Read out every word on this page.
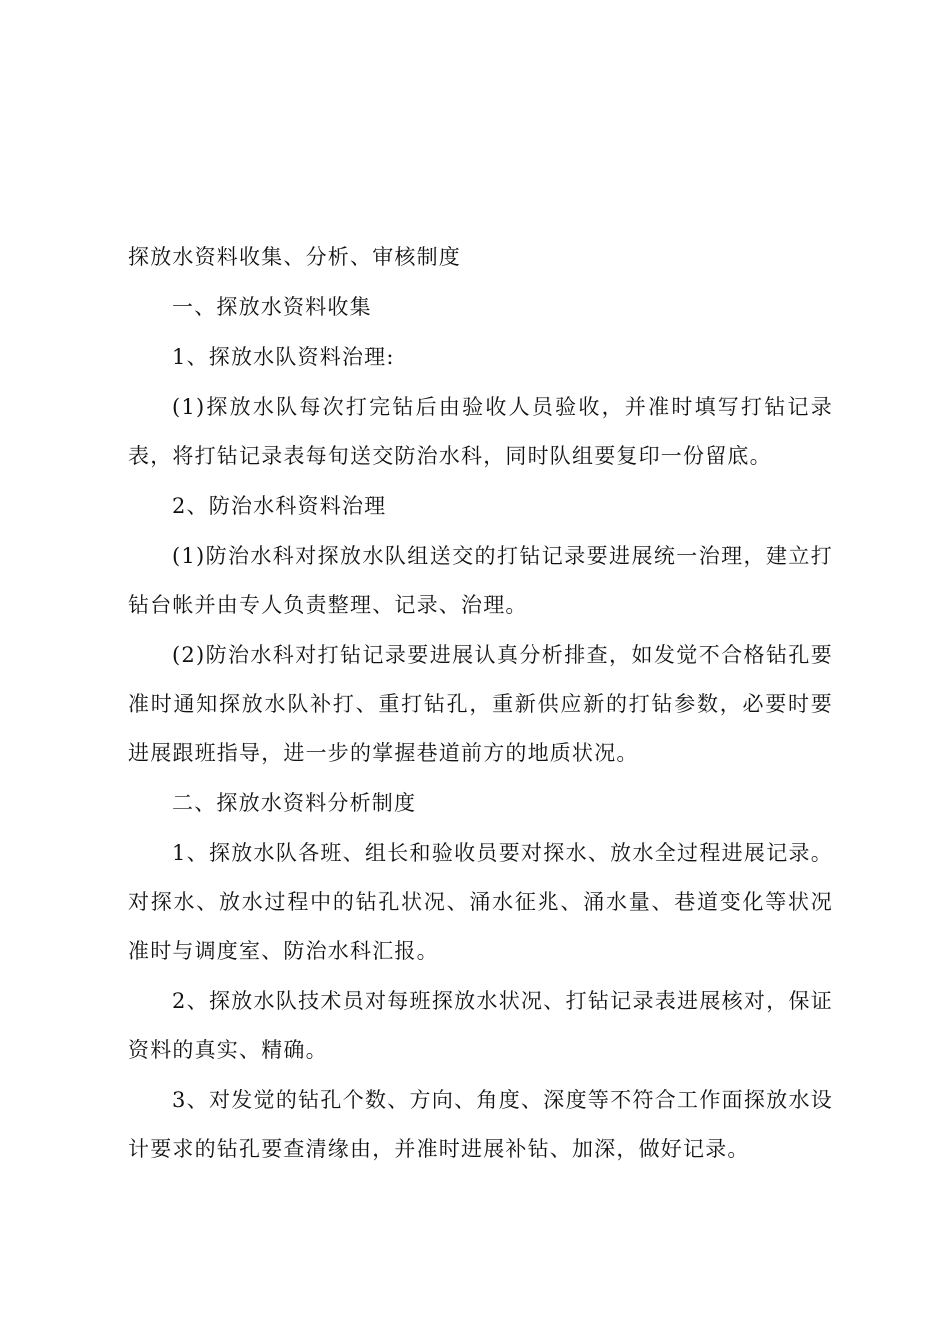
探放水资料收集、分析、审核制度

一、探放水资料收集

1、探放水队资料治理:

(1)探放水队每次打完钻后由验收人员验收，并准时填写打钻记录表，将打钻记录表每旬送交防治水科，同时队组要复印一份留底。

2、防治水科资料治理

(1)防治水科对探放水队组送交的打钻记录要进展统一治理，建立打钻台帐并由专人负责整理、记录、治理。

(2)防治水科对打钻记录要进展认真分析排查，如发觉不合格钻孔要准时通知探放水队补打、重打钻孔，重新供应新的打钻参数，必要时要进展跟班指导，进一步的掌握巷道前方的地质状况。

二、探放水资料分析制度

1、探放水队各班、组长和验收员要对探水、放水全过程进展记录。对探水、放水过程中的钻孔状况、涌水征兆、涌水量、巷道变化等状况准时与调度室、防治水科汇报。

2、探放水队技术员对每班探放水状况、打钻记录表进展核对，保证资料的真实、精确。

3、对发觉的钻孔个数、方向、角度、深度等不符合工作面探放水设计要求的钻孔要查清缘由，并准时进展补钻、加深，做好记录。
